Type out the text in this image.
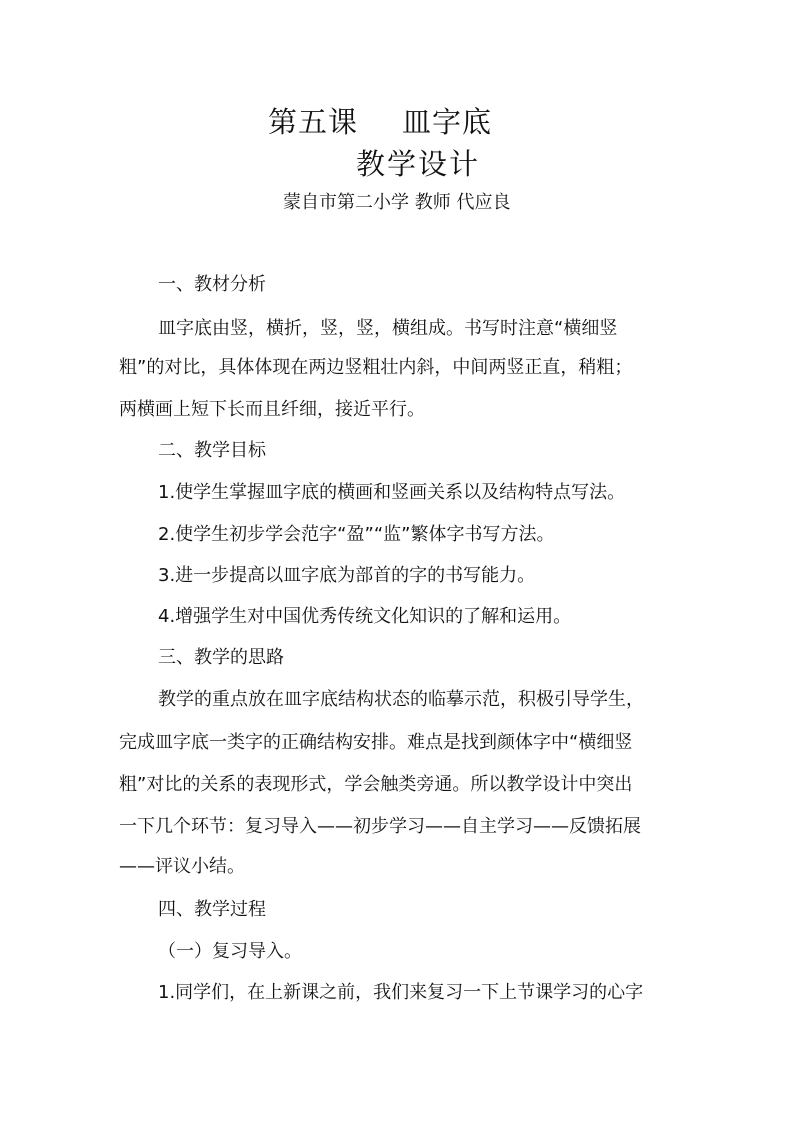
第五课 皿字底
教学设计
蒙自市第二小学 教师 代应良
一、教材分析
皿字底由竖，横折，竖，竖，横组成。书写时注意“横细竖
粗”的对比，具体体现在两边竖粗壮内斜，中间两竖正直，稍粗；
两横画上短下长而且纤细，接近平行。
二、教学目标
1.使学生掌握皿字底的横画和竖画关系以及结构特点写法。
2.使学生初步学会范字“盈”“监”繁体字书写方法。
3.进一步提高以皿字底为部首的字的书写能力。
4.增强学生对中国优秀传统文化知识的了解和运用。
三、教学的思路
教学的重点放在皿字底结构状态的临摹示范，积极引导学生，
完成皿字底一类字的正确结构安排。难点是找到颜体字中“横细竖
粗”对比的关系的表现形式，学会触类旁通。所以教学设计中突出
一下几个环节：复习导入——初步学习——自主学习——反馈拓展
——评议小结。
四、教学过程
（一）复习导入。
1.同学们，在上新课之前，我们来复习一下上节课学习的心字
